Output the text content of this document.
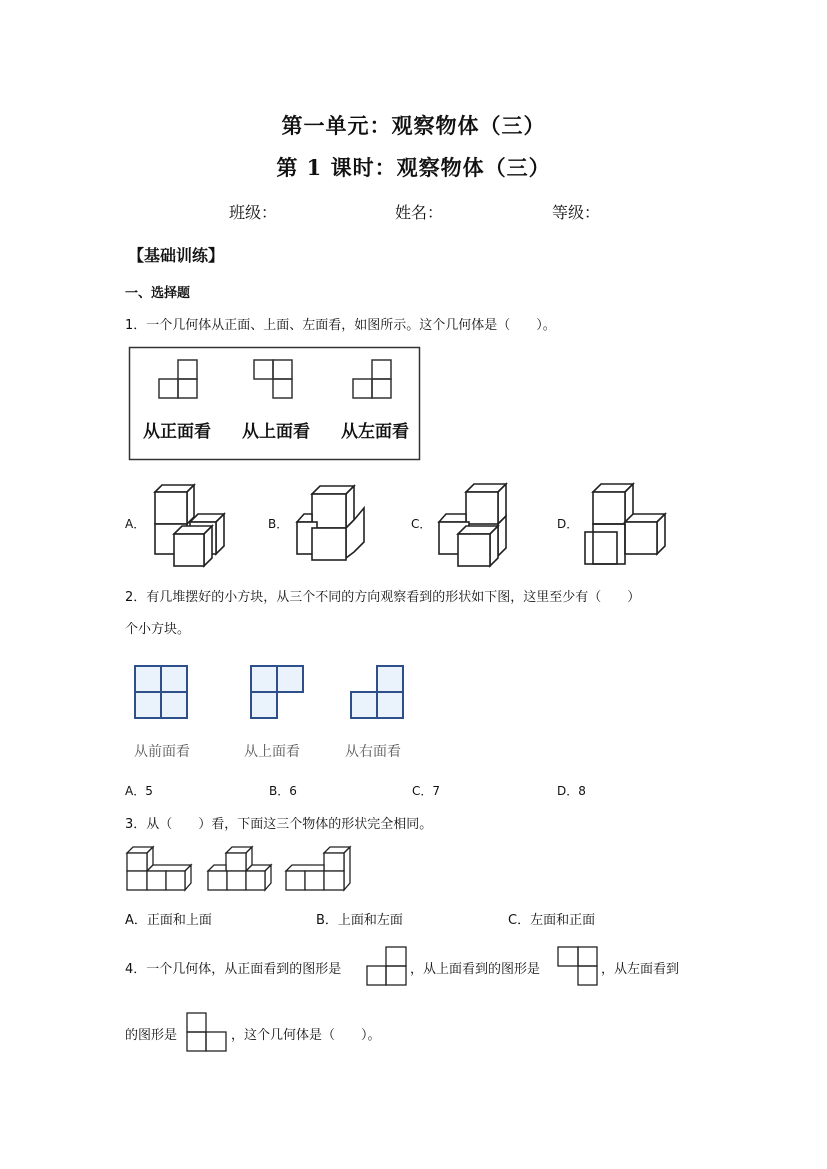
第一单元：观察物体（三）
第 1 课时：观察物体（三）
班级：	姓名：	等级：
【基础训练】
一、选择题
1．一个几何体从正面、上面、左面看，如图所示。这个几何体是（　　）。
从正面看 从上面看 从左面看
A．	B．	C．	D．
2．有几堆摆好的小方块，从三个不同的方向观察看到的形状如下图，这里至少有（　　）
个小方块。
从前面看	从上面看	从右面看
A．5	B．6	C．7	D．8
3．从（　　）看，下面这三个物体的形状完全相同。
A．正面和上面	B．上面和左面	C．左面和正面
4．一个几何体，从正面看到的图形是	，从上面看到的图形是	，从左面看到
的图形是	，这个几何体是（　　）。
